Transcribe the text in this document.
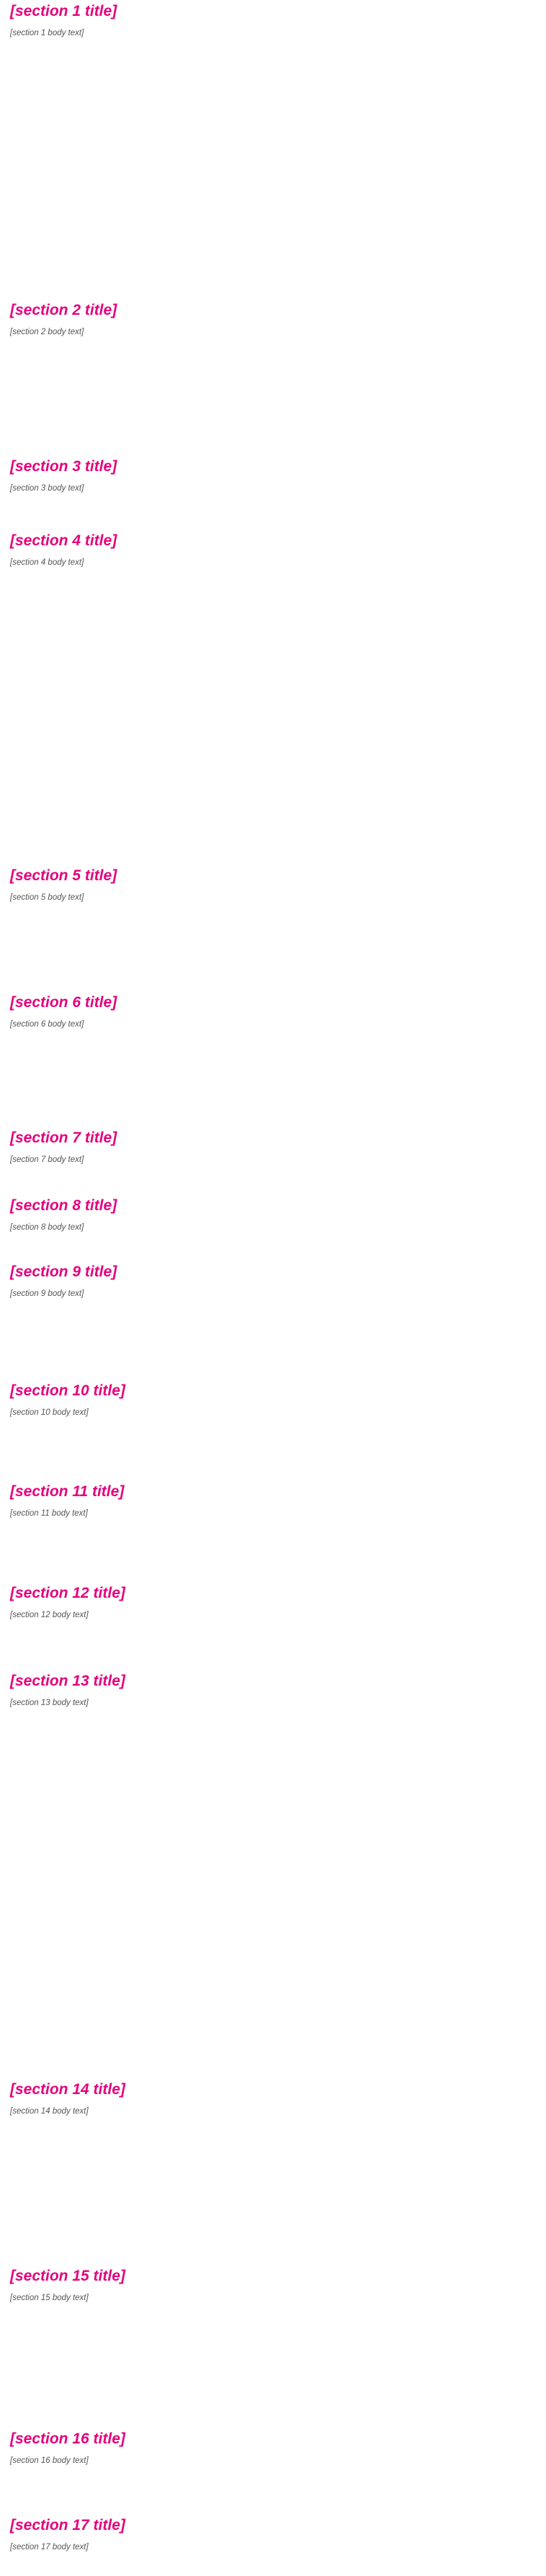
[section 1 title]

[section 1 body text]

[section 2 title]

[section 2 body text]

[section 3 title]

[section 3 body text]

[section 4 title]

[section 4 body text]

[section 5 title]

[section 5 body text]

[section 6 title]

[section 6 body text]

[section 7 title]

[section 7 body text]

[section 8 title]

[section 8 body text]

[section 9 title]

[section 9 body text]

[section 10 title]

[section 10 body text]

[section 11 title]

[section 11 body text]

[section 12 title]

[section 12 body text]

[section 13 title]

[section 13 body text]

[section 14 title]

[section 14 body text]

[section 15 title]

[section 15 body text]

[section 16 title]

[section 16 body text]

[section 17 title]

[section 17 body text]
